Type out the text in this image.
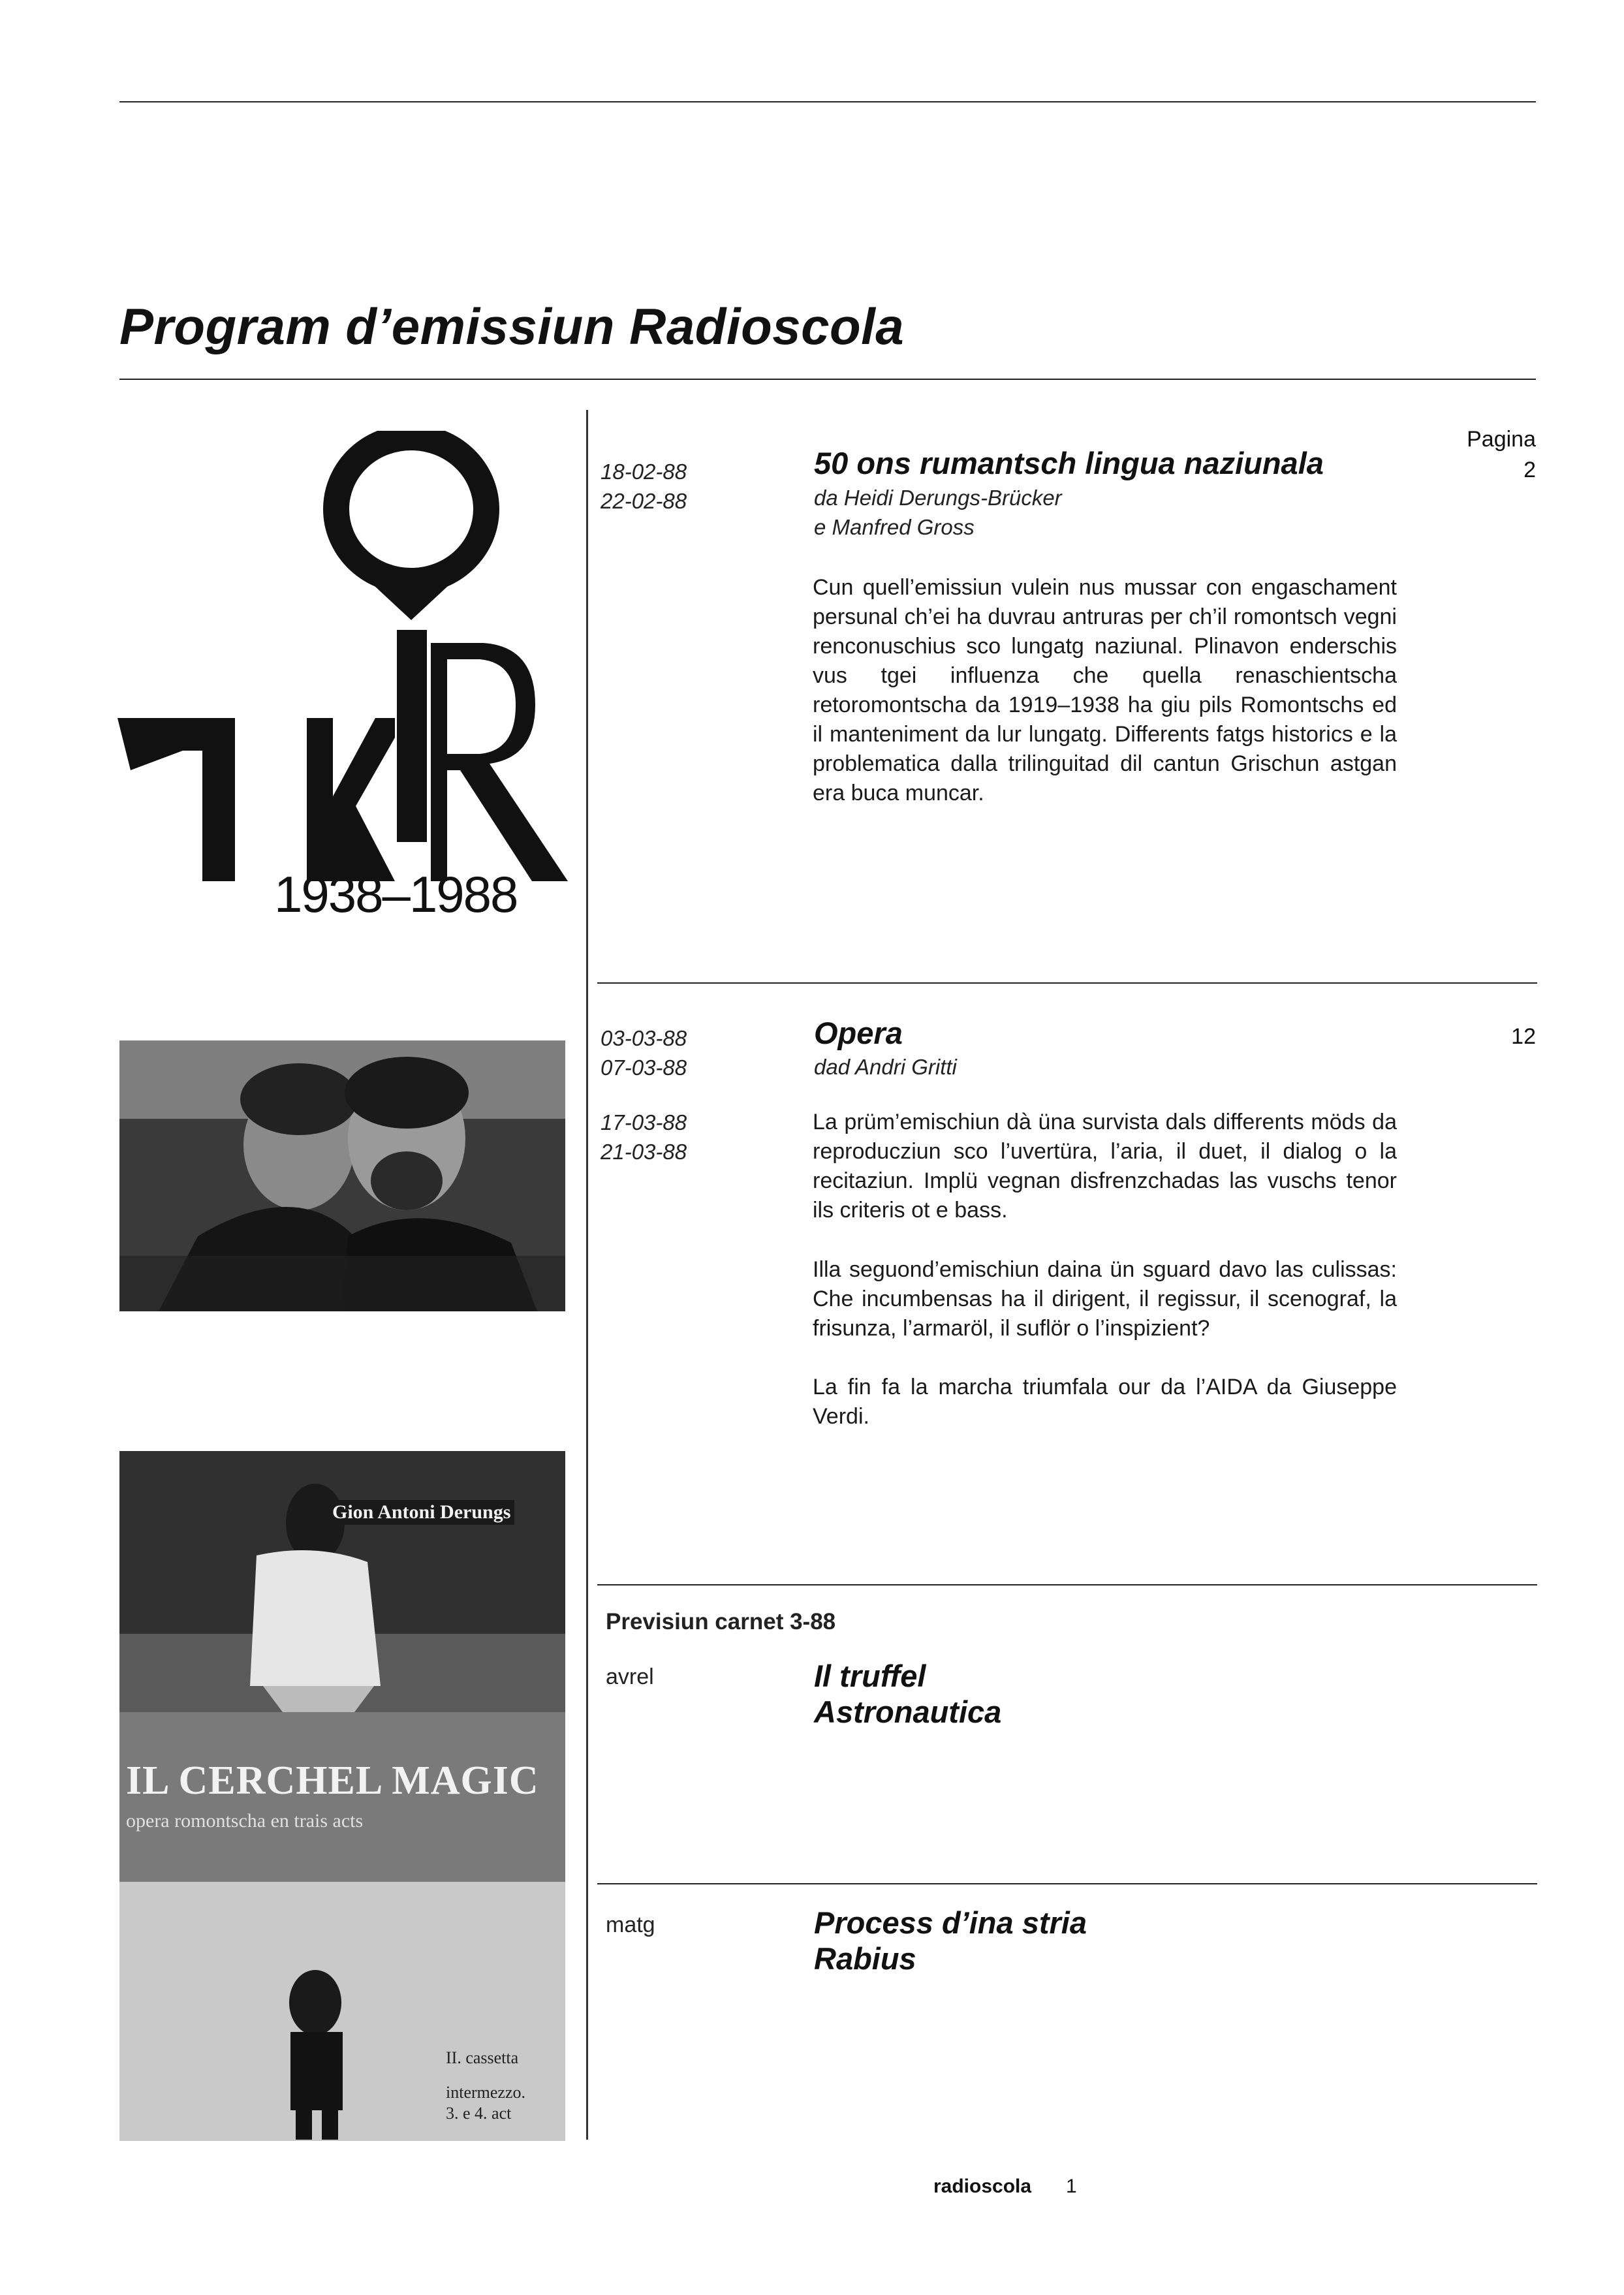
Program d’emissiun Radioscola
1938–1988
18-02-88
22-02-88
50 ons rumantsch lingua naziunala
da Heidi Derungs-Brücker
e Manfred Gross
Pagina
2
Cun quell’emissiun vulein nus mussar con engaschament persunal ch’ei ha duvrau antruras per ch’il romontsch vegni renconuschius sco lungatg naziunal. Plinavon enderschis vus tgei influenza che quella renaschientscha retoromontscha da 1919–1938 ha giu pils Romontschs ed il manteniment da lur lungatg. Differents fatgs historics e la problematica dalla trilinguitad dil cantun Grischun astgan era buca muncar.
Gion Antoni Derungs
IL CERCHEL MAGIC
opera romontscha en trais acts
II. cassetta
intermezzo.
3. e 4. act
03-03-88
07-03-88
17-03-88
21-03-88
Opera
dad Andri Gritti
12
La prüm’emischiun dà üna survista dals differents möds da reproducziun sco l’uvertüra, l’aria, il duet, il dialog o la recitaziun. Implü vegnan disfrenzchadas las vuschs tenor ils criteris ot e bass.
Illa seguond’emischiun daina ün sguard davo las culissas: Che incumbensas ha il dirigent, il regissur, il scenograf, la frisunza, l’armaröl, il suflör o l’inspizient?
La fin fa la marcha triumfala our da l’AIDA da Giuseppe Verdi.
Previsiun carnet 3-88
avrel	Il truffel
Astronautica
matg	Process d’ina stria
Rabius
radioscola 1
